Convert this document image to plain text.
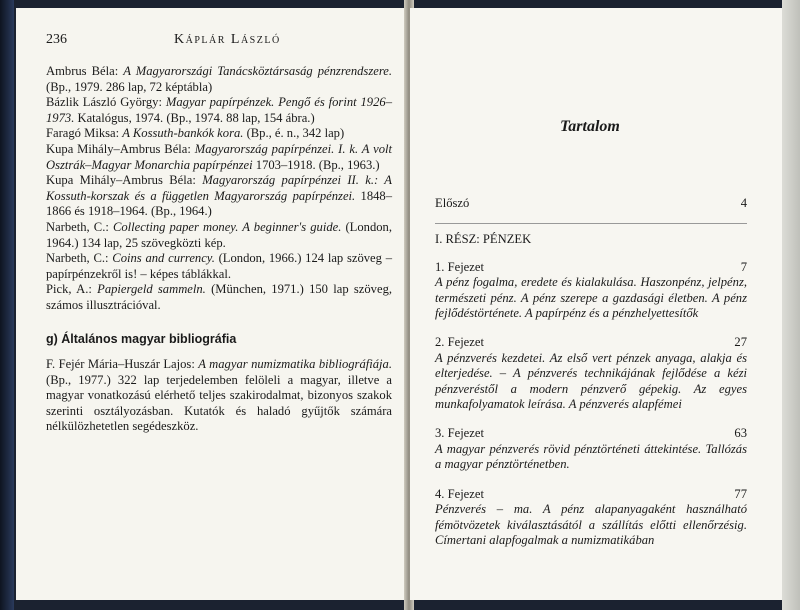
236	Káplár László

Ambrus Béla: A Magyarországi Tanácsköztársaság pénzrendszere. (Bp., 1979. 286 lap, 72 képtábla)

Bázlik László György: Magyar papírpénzek. Pengő és forint 1926–1973. Katalógus, 1974. (Bp., 1974. 88 lap, 154 ábra.)

Faragó Miksa: A Kossuth-bankók kora. (Bp., é. n., 342 lap)

Kupa Mihály–Ambrus Béla: Magyarország papírpénzei. I. k. A volt Osztrák–Magyar Monarchia papírpénzei 1703–1918. (Bp., 1963.)

Kupa Mihály–Ambrus Béla: Magyarország papírpénzei II. k.: A Kossuth-korszak és a független Magyarország papírpénzei. 1848–1866 és 1918–1964. (Bp., 1964.)

Narbeth, C.: Collecting paper money. A beginner's guide. (London, 1964.) 134 lap, 25 szövegközti kép.

Narbeth, C.: Coins and currency. (London, 1966.) 124 lap szöveg – papírpénzekről is! – képes táblákkal.

Pick, A.: Papiergeld sammeln. (München, 1971.) 150 lap szöveg, számos illusztrációval.

g) Általános magyar bibliográfia

F. Fejér Mária–Huszár Lajos: A magyar numizmatika bibliográfiája. (Bp., 1977.) 322 lap terjedelemben felöleli a magyar, illetve a magyar vonatkozású elérhető teljes szakirodalmat, bizonyos szakok szerinti osztályozásban. Kutatók és haladó gyűjtők számára nélkülözhetetlen segédeszköz.

Tartalom
Előszó	4
I. RÉSZ: PÉNZEK
1. Fejezet	7
A pénz fogalma, eredete és kialakulása. Haszonpénz, jelpénz, természeti pénz. A pénz szerepe a gazdasági életben. A pénz fejlődéstörténete. A papírpénz és a pénzhelyettesítők
2. Fejezet	27
A pénzverés kezdetei. Az első vert pénzek anyaga, alakja és elterjedése. – A pénzverés technikájának fejlődése a kézi pénzveréstől a modern pénzverő gépekig. Az egyes munkafolyamatok leírása. A pénzverés alapfémei
3. Fejezet	63
A magyar pénzverés rövid pénztörténeti áttekintése. Tallózás a magyar pénztörténetben.
4. Fejezet	77
Pénzverés – ma. A pénz alapanyagaként használható fémötvözetek kiválasztásától a szállítás előtti ellenőrzésig. Címertani alapfogalmak a numizmatikában
